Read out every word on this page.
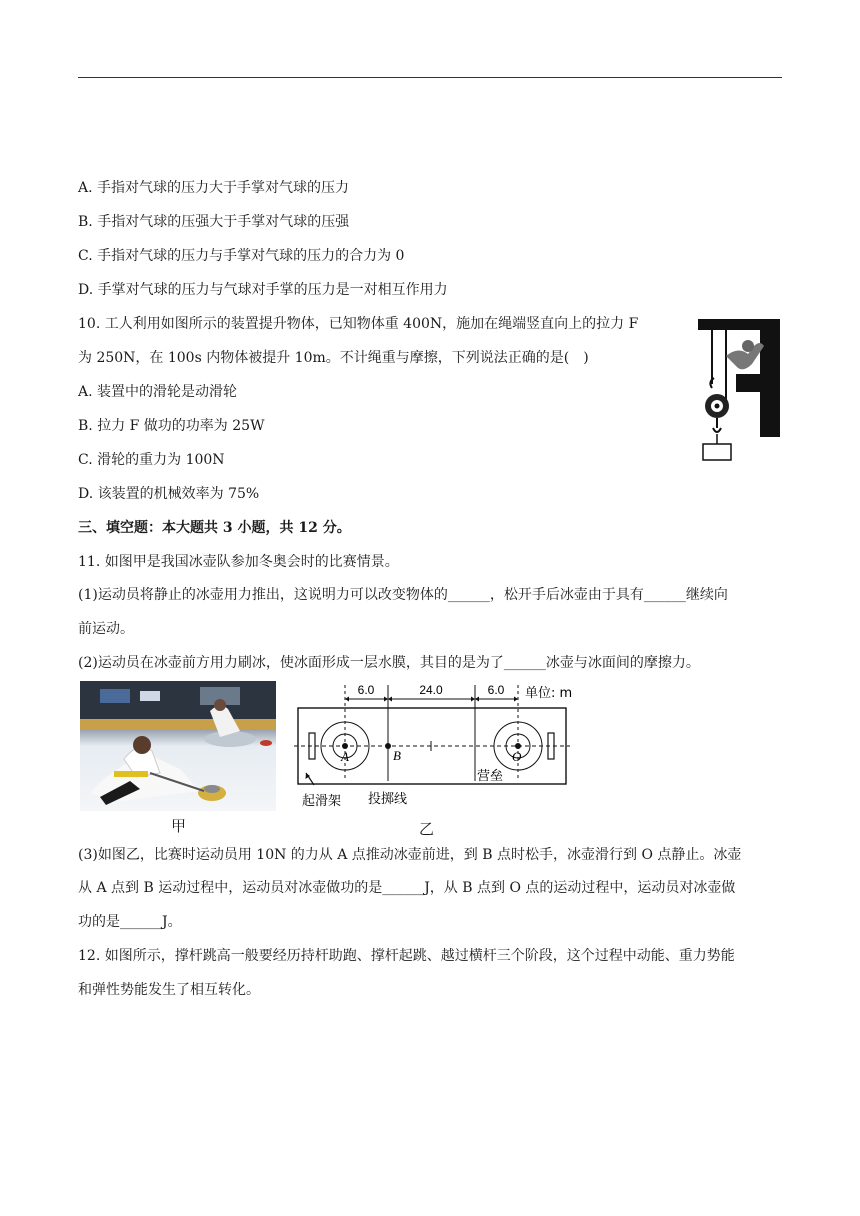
A. 手指对气球的压力大于手掌对气球的压力
B. 手指对气球的压强大于手掌对气球的压强
C. 手指对气球的压力与手掌对气球的压力的合力为 0
D. 手掌对气球的压力与气球对手掌的压力是一对相互作用力
10. 工人利用如图所示的装置提升物体，已知物体重 400N，施加在绳端竖直向上的拉力 F
为 250N，在 100s 内物体被提升 10m。不计绳重与摩擦，下列说法正确的是(　)
A. 装置中的滑轮是动滑轮
B. 拉力 F 做功的功率为 25W
C. 滑轮的重力为 100N
D. 该装置的机械效率为 75%
三、填空题：本大题共 3 小题，共 12 分。
11. 如图甲是我国冰壶队参加冬奥会时的比赛情景。
(1)运动员将静止的冰壶用力推出，这说明力可以改变物体的______，松开手后冰壶由于具有______继续向
前运动。
(2)运动员在冰壶前方用力刷冰，使冰面形成一层水膜，其目的是为了______冰壶与冰面间的摩擦力。
甲
6.0	24.0	6.0 单位: m
A	B	O
营垒
起滑架 投掷线
乙
(3)如图乙，比赛时运动员用 10N 的力从 A 点推动冰壶前进，到 B 点时松手，冰壶滑行到 O 点静止。冰壶
从 A 点到 B 运动过程中，运动员对冰壶做功的是______J，从 B 点到 O 点的运动过程中，运动员对冰壶做
功的是______J。
12. 如图所示，撑杆跳高一般要经历持杆助跑、撑杆起跳、越过横杆三个阶段，这个过程中动能、重力势能
和弹性势能发生了相互转化。
